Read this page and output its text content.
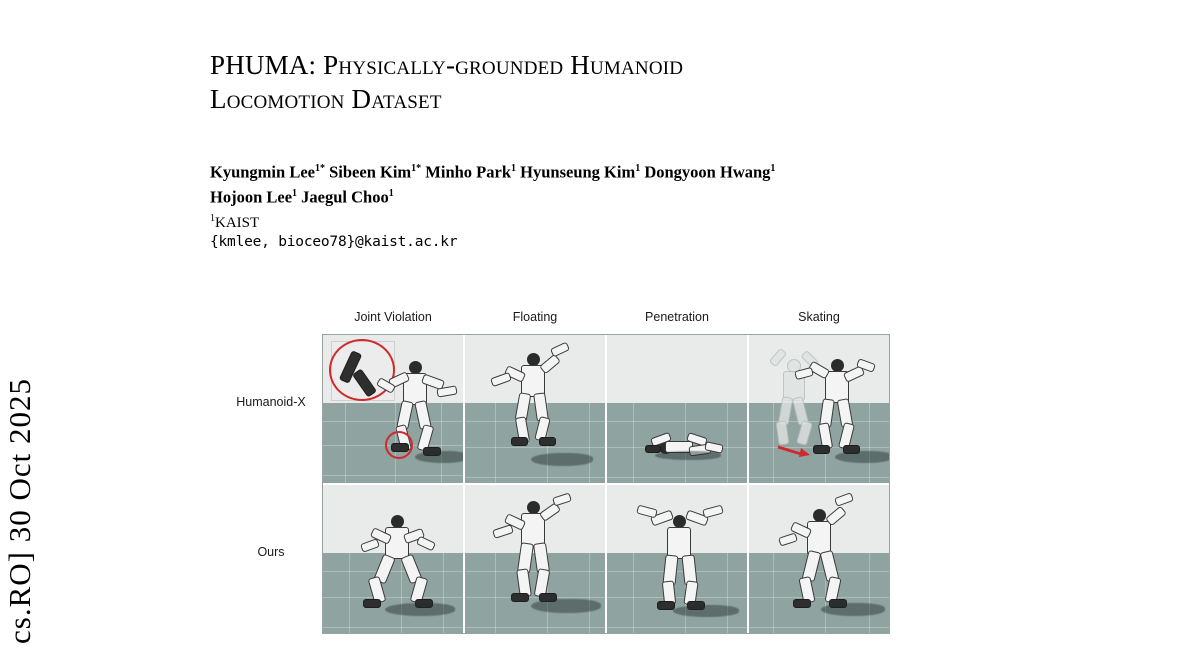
cs.RO] 30 Oct 2025
PHUMA: Physically-grounded Humanoid
Locomotion Dataset
Kyungmin Lee$^{1*}$ Sibeen Kim$^{1*}$ Minho Park$^1$ Hyunseung Kim$^1$ Dongyoon Hwang$^1$
Hojoon Lee$^1$ Jaegul Choo$^1$
$^1$KAIST
{kmlee, bioceo78}@kaist.ac.kr
Joint Violation	Floating	Penetration	Skating
Humanoid-X
Ours
